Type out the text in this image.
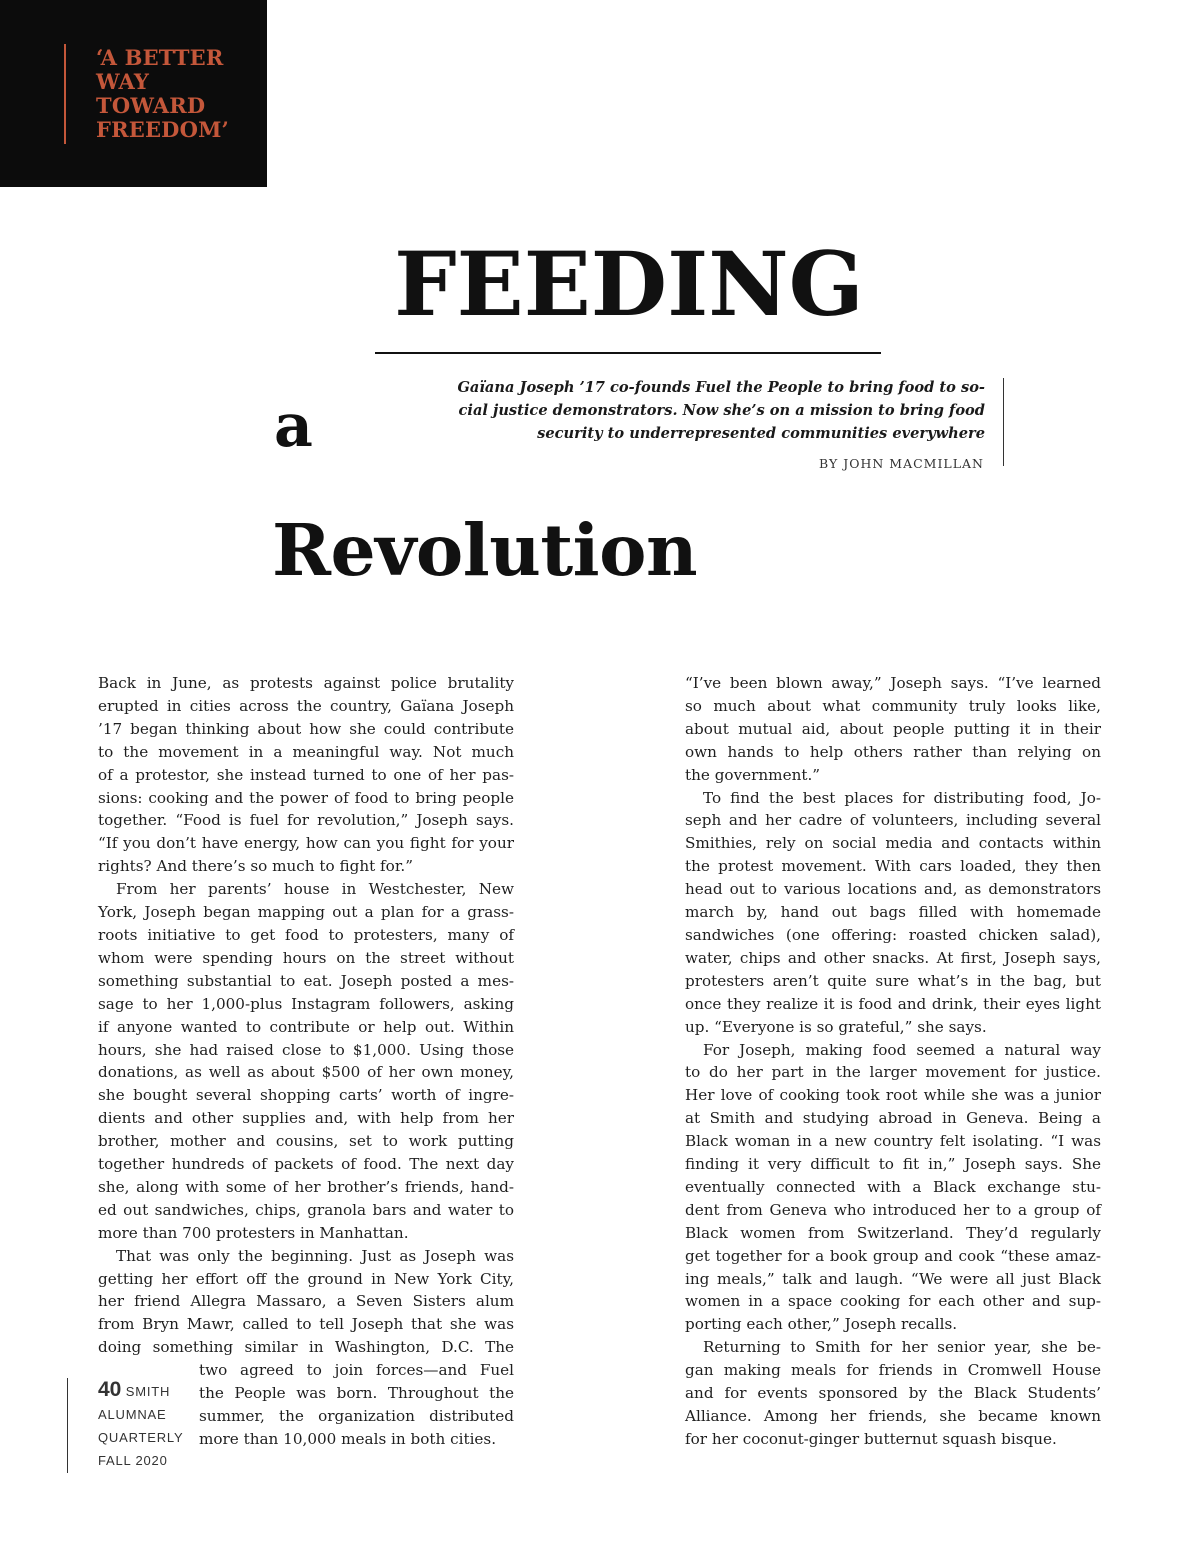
‘A BETTER
WAY
TOWARD
FREEDOM’
FEEDING
a
Revolution
Gaïana Joseph ’17 co-founds Fuel the People to bring food to so-
cial justice demonstrators. Now she’s on a mission to bring food
security to underrepresented communities everywhere
BY JOHN MACMILLAN
Back in June, as protests against police brutality
erupted in cities across the country, Gaïana Joseph
’17 began thinking about how she could contribute
to the movement in a meaningful way. Not much
of a protestor, she instead turned to one of her pas-
sions: cooking and the power of food to bring people
together. “Food is fuel for revolution,” Joseph says.
“If you don’t have energy, how can you fight for your
rights? And there’s so much to fight for.”
From her parents’ house in Westchester, New
York, Joseph began mapping out a plan for a grass-
roots initiative to get food to protesters, many of
whom were spending hours on the street without
something substantial to eat. Joseph posted a mes-
sage to her 1,000-plus Instagram followers, asking
if anyone wanted to contribute or help out. Within
hours, she had raised close to $1,000. Using those
donations, as well as about $500 of her own money,
she bought several shopping carts’ worth of ingre-
dients and other supplies and, with help from her
brother, mother and cousins, set to work putting
together hundreds of packets of food. The next day
she, along with some of her brother’s friends, hand-
ed out sandwiches, chips, granola bars and water to
more than 700 protesters in Manhattan.
That was only the beginning. Just as Joseph was
getting her effort off the ground in New York City,
her friend Allegra Massaro, a Seven Sisters alum
from Bryn Mawr, called to tell Joseph that she was
doing something similar in Washington, D.C. The
two agreed to join forces—and Fuel
the People was born. Throughout the
summer, the organization distributed
more than 10,000 meals in both cities.
“I’ve been blown away,” Joseph says. “I’ve learned
so much about what community truly looks like,
about mutual aid, about people putting it in their
own hands to help others rather than relying on
the government.”
To find the best places for distributing food, Jo-
seph and her cadre of volunteers, including several
Smithies, rely on social media and contacts within
the protest movement. With cars loaded, they then
head out to various locations and, as demonstrators
march by, hand out bags filled with homemade
sandwiches (one offering: roasted chicken salad),
water, chips and other snacks. At first, Joseph says,
protesters aren’t quite sure what’s in the bag, but
once they realize it is food and drink, their eyes light
up. “Everyone is so grateful,” she says.
For Joseph, making food seemed a natural way
to do her part in the larger movement for justice.
Her love of cooking took root while she was a junior
at Smith and studying abroad in Geneva. Being a
Black woman in a new country felt isolating. “I was
finding it very difficult to fit in,” Joseph says. She
eventually connected with a Black exchange stu-
dent from Geneva who introduced her to a group of
Black women from Switzerland. They’d regularly
get together for a book group and cook “these amaz-
ing meals,” talk and laugh. “We were all just Black
women in a space cooking for each other and sup-
porting each other,” Joseph recalls.
Returning to Smith for her senior year, she be-
gan making meals for friends in Cromwell House
and for events sponsored by the Black Students’
Alliance. Among her friends, she became known
for her coconut-ginger butternut squash bisque.
40 SMITH
ALUMNAE
QUARTERLY
FALL 2020
